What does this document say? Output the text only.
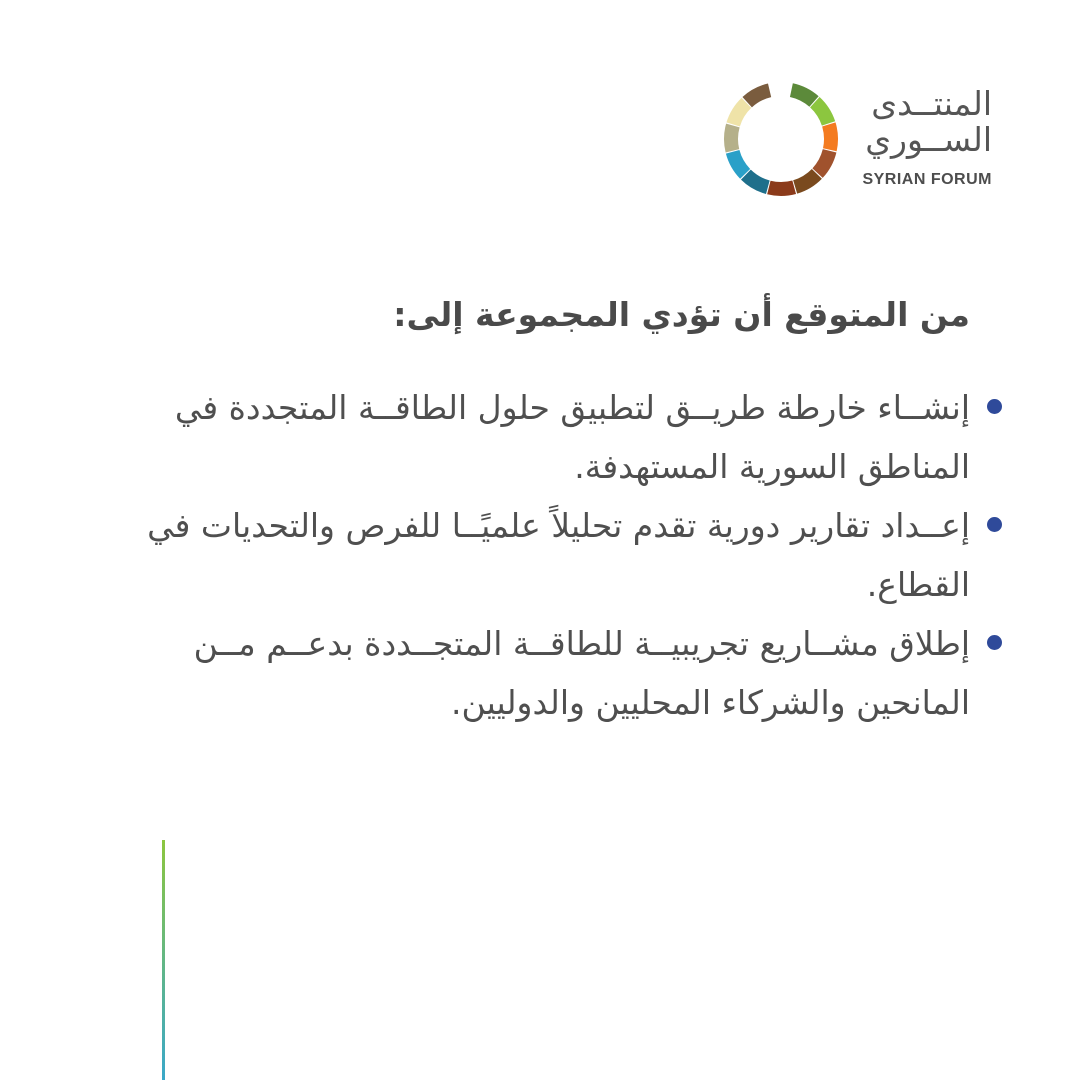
المنتــدى
الســوري
SYRIAN FORUM
من المتوقع أن تؤدي المجموعة إلى:
إنشــاء خارطة طريــق لتطبيق حلول الطاقــة المتجددة في المناطق السورية المستهدفة.
إعــداد تقارير دورية تقدم تحليلاً علميًــا للفرص والتحديات في القطاع.
إطلاق مشــاريع تجريبيــة للطاقــة المتجــددة بدعــم مــن المانحين والشركاء المحليين والدوليين.
